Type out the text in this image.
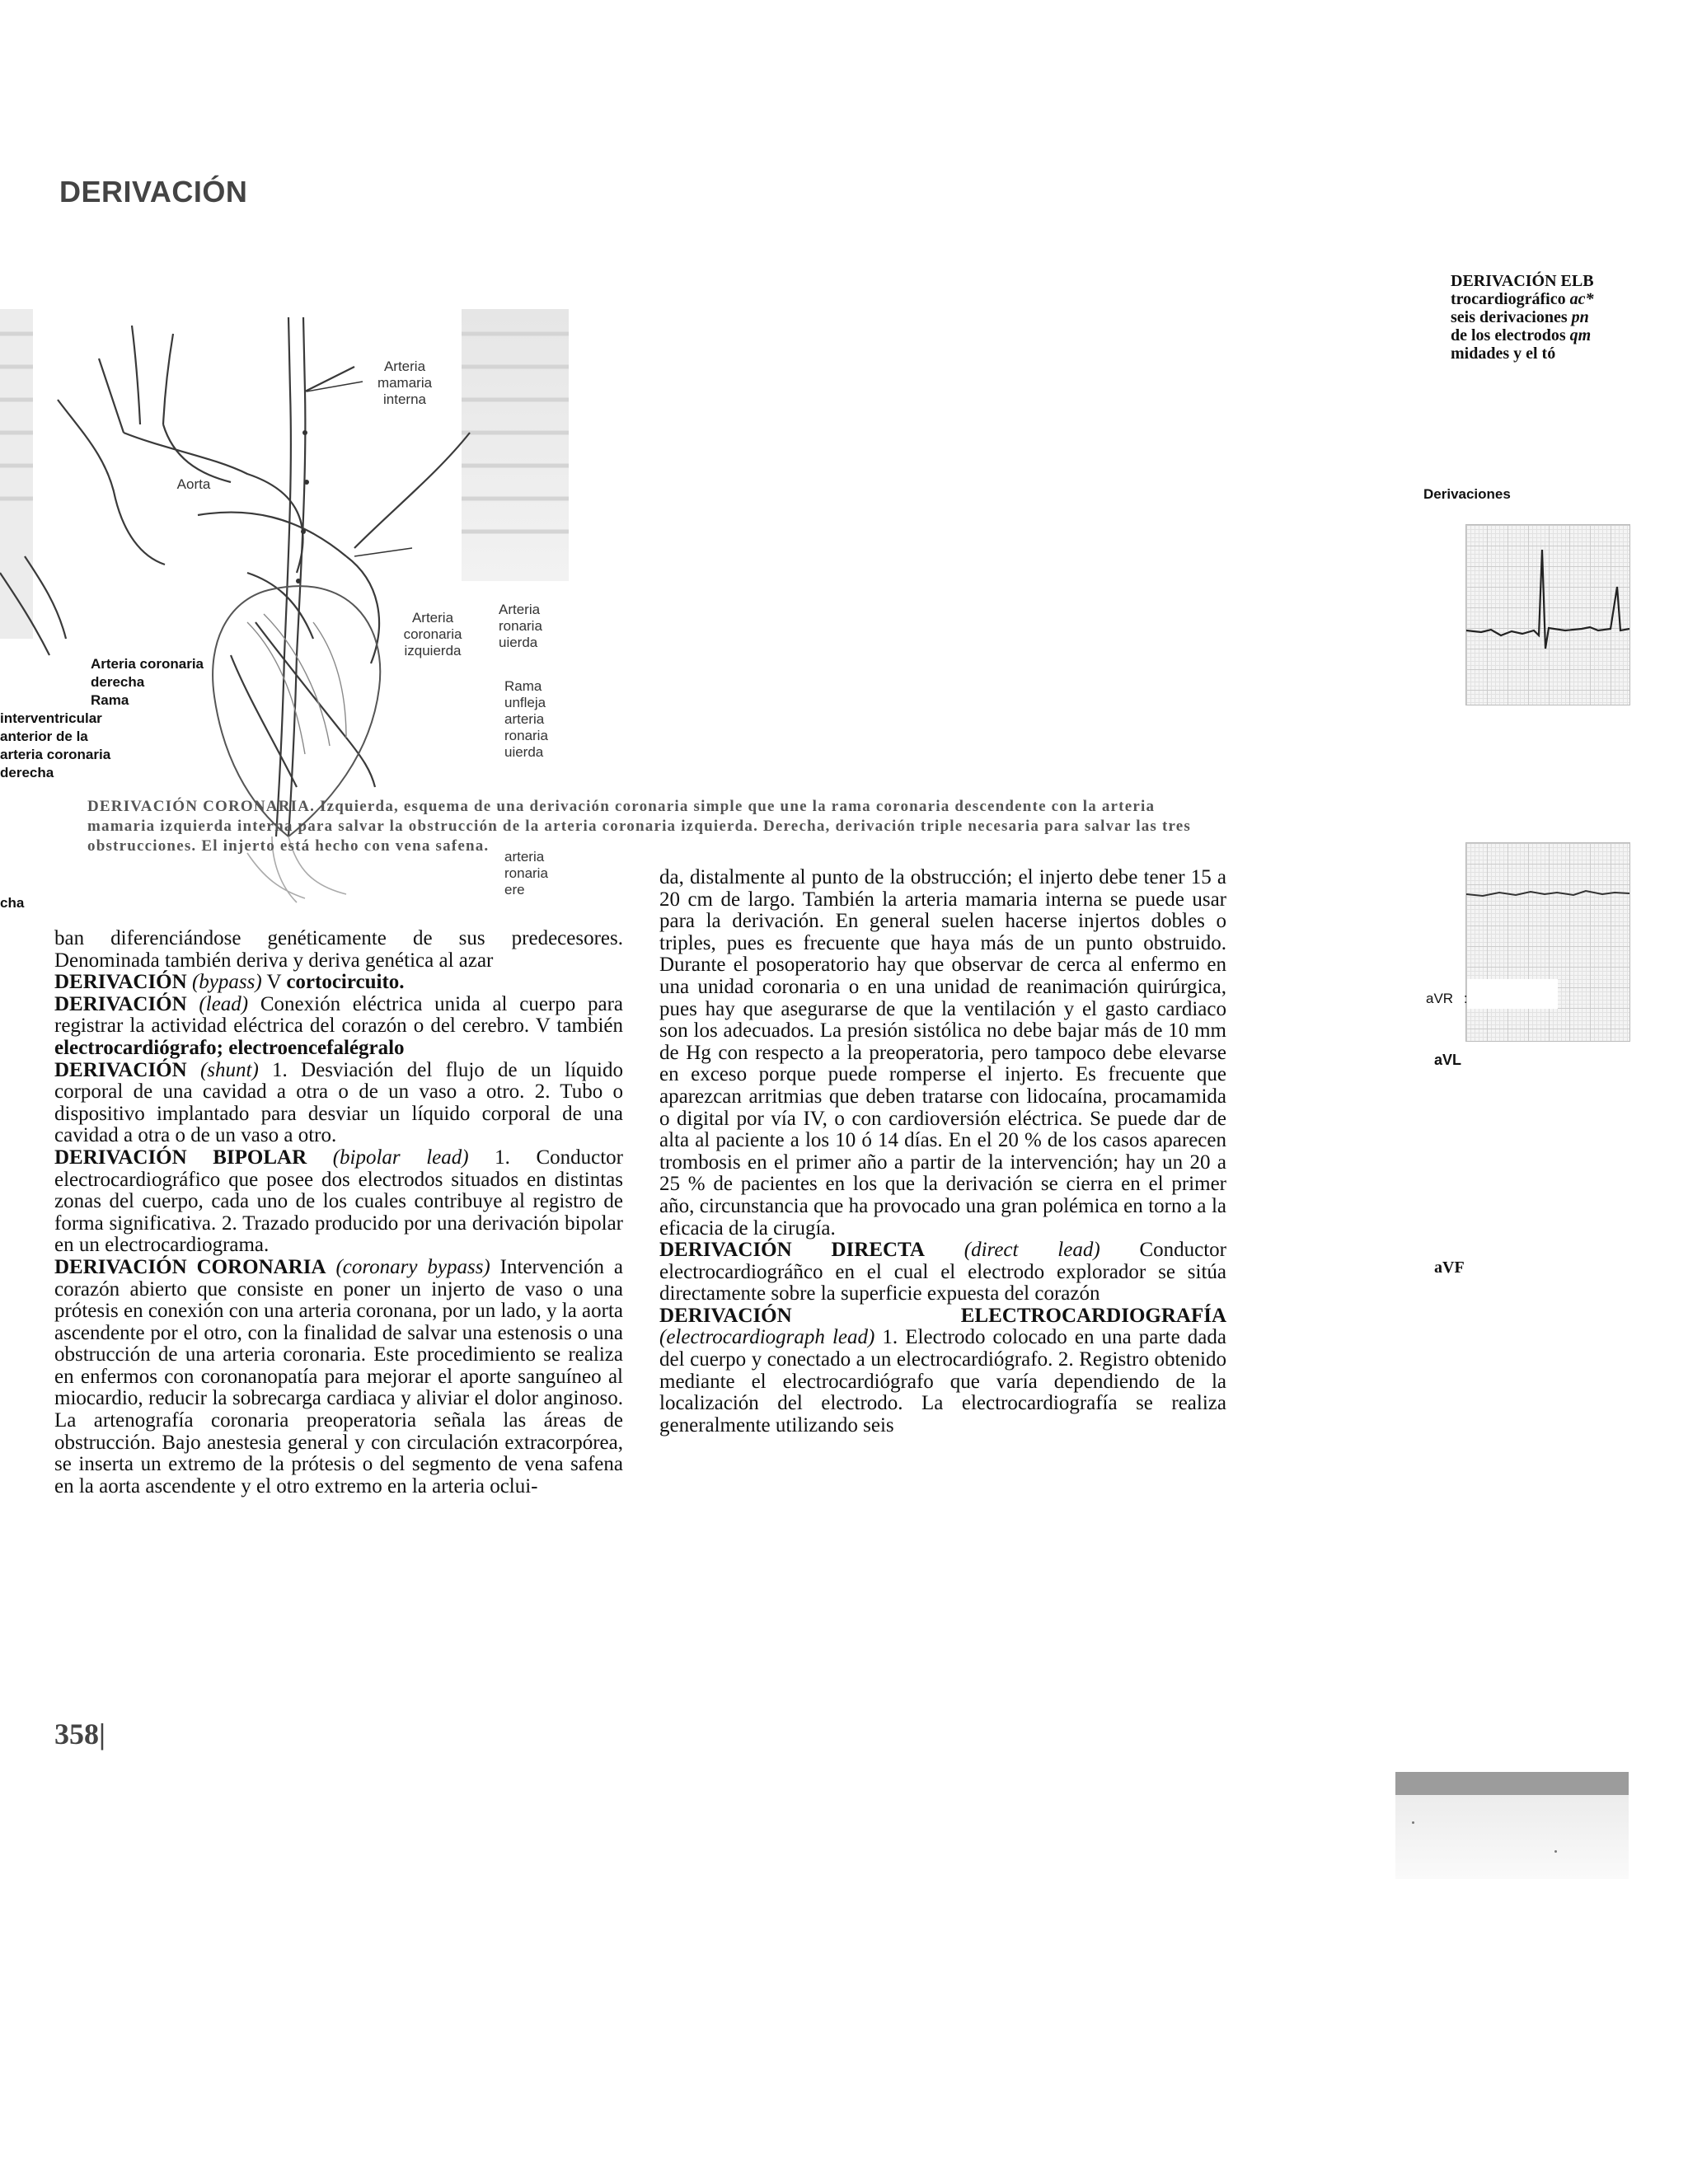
DERIVACIÓN
DERIVACIÓN ELB
trocardiográfico ac*
seis derivaciones pn
de los electrodos qm
midades y el tó
Derivaciones
aVR :
aVL
aVF
Arteria
mamaria
interna
Aorta
Arteria
coronaria
izquierda
Arteria
ronaria
uierda
Rama
unfleja
arteria
ronaria
uierda
arteria
ronaria
ere
Arteria coronaria
derecha
Rama
interventricular
anterior de la
arteria coronaria
derecha
cha
DERIVACIÓN CORONARIA. Izquierda, esquema de una derivación coronaria simple que une la rama coronaria descendente con la arteria mamaria izquierda interna para salvar la obstrucción de la arteria coronaria izquierda. Derecha, derivación triple necesaria para salvar las tres obstrucciones. El injerto está hecho con vena safena.

ban diferenciándose genéticamente de sus predecesores. Denominada también deriva y deriva genética al azar

DERIVACIÓN (bypass) V cortocircuito.

DERIVACIÓN (lead) Conexión eléctrica unida al cuerpo para registrar la actividad eléctrica del corazón o del cerebro. V también electrocardiógrafo; electroencefalégralo

DERIVACIÓN (shunt) 1. Desviación del flujo de un líquido corporal de una cavidad a otra o de un vaso a otro. 2. Tubo o dispositivo implantado para desviar un líquido corporal de una cavidad a otra o de un vaso a otro.

DERIVACIÓN BIPOLAR (bipolar lead) 1. Conductor electrocardiográfico que posee dos electrodos situados en distintas zonas del cuerpo, cada uno de los cuales contribuye al registro de forma significativa. 2. Trazado producido por una derivación bipolar en un electrocardiograma.

DERIVACIÓN CORONARIA (coronary bypass) Intervención a corazón abierto que consiste en poner un injerto de vaso o una prótesis en conexión con una arteria coronana, por un lado, y la aorta ascendente por el otro, con la finalidad de salvar una estenosis o una obstrucción de una arteria coronaria. Este procedimiento se realiza en enfermos con coronanopatía para mejorar el aporte sanguíneo al miocardio, reducir la sobrecarga cardiaca y aliviar el dolor anginoso. La artenografía coronaria preoperatoria señala las áreas de obstrucción. Bajo anestesia general y con circulación extracorpórea, se inserta un extremo de la prótesis o del segmento de vena safena en la aorta ascendente y el otro extremo en la arteria oclui-

da, distalmente al punto de la obstrucción; el injerto debe tener 15 a 20 cm de largo. También la arteria mamaria interna se puede usar para la derivación. En general suelen hacerse injertos dobles o triples, pues es frecuente que haya más de un punto obstruido. Durante el posoperatorio hay que observar de cerca al enfermo en una unidad coronaria o en una unidad de reanimación quirúrgica, pues hay que asegurarse de que la ventilación y el gasto cardiaco son los adecuados. La presión sistólica no debe bajar más de 10 mm de Hg con respecto a la preoperatoria, pero tampoco debe elevarse en exceso porque puede romperse el injerto. Es frecuente que aparezcan arritmias que deben tratarse con lidocaína, procamamida o digital por vía IV, o con cardioversión eléctrica. Se puede dar de alta al paciente a los 10 ó 14 días. En el 20 % de los casos aparecen trombosis en el primer año a partir de la intervención; hay un 20 a 25 % de pacientes en los que la derivación se cierra en el primer año, circunstancia que ha provocado una gran polémica en torno a la eficacia de la cirugía.

DERIVACIÓN DIRECTA (direct lead) Conductor electrocardiográñco en el cual el electrodo explorador se sitúa directamente sobre la superficie expuesta del corazón

DERIVACIÓN ELECTROCARDIOGRAFÍA (electrocardiograph lead) 1. Electrodo colocado en una parte dada del cuerpo y conectado a un electrocardiógrafo. 2. Registro obtenido mediante el electrocardiógrafo que varía dependiendo de la localización del electrodo. La electrocardiografía se realiza generalmente utilizando seis

358|
